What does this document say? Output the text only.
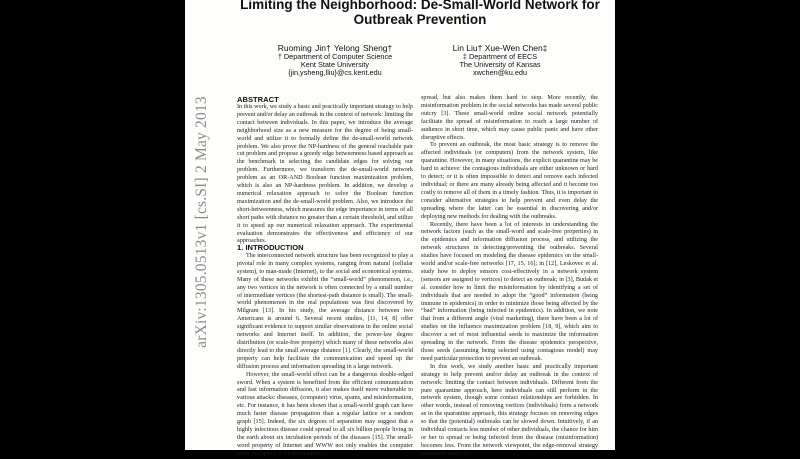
arXiv:1305.0513v1 [cs.SI] 2 May 2013
Limiting the Neighborhood: De-Small-World Network for
Outbreak Prevention
Ruoming Jin† Yelong Sheng†
† Department of Computer Science
Kent State University
{jin,ysheng,lliu}@cs.kent.edu
Lin Liu† Xue-Wen Chen‡
‡ Department of EECS
The University of Kansas
xwchen@ku.edu
ABSTRACT

In this work, we study a basic and practically important strategy to help prevent and/or delay an outbreak in the context of network: limiting the contact between individuals. In this paper, we introduce the average neighborhood size as a new measure for the degree of being small-world and utilize it to formally define the de-small-world network problem. We also prove the NP-hardness of the general reachable pair cut problem and propose a greedy edge betweenness based approach as the benchmark in selecting the candidate edges for solving our problem. Furthermore, we transform the de-small-world network problem as an OR-AND Boolean function maximization problem, which is also an NP-hardness problem. In addition, we develop a numerical relaxation approach to solve the Boolean function maximization and the de-small-world problem. Also, we introduce the short-betweenness, which measures the edge importance in terms of all short paths with distance no greater than a certain threshold, and utilize it to speed up our numerical relaxation approach. The experimental evaluation demonstrates the effectiveness and efficiency of our approaches.

1. INTRODUCTION

The interconnected network structure has been recognized to play a pivotal role in many complex systems, ranging from natural (cellular system), to man-made (Internet), to the social and economical systems. Many of these networks exhibit the “small-world” phenomenon, i.e., any two vertices in the network is often connected by a small number of intermediate vertices (the shortest-path distance is small). The small-world phenomenon in the real populations was first discovered by Milgram [13]. In his study, the average distance between two Americans is around 6. Several recent studies, [11, 14, 8] offer significant evidence to support similar observations in the online social networks and Internet itself. In addition, the power-law degree distribution (or scale-free property) which many of these networks also directly lead to the small average distance [1]. Clearly, the small-world property can help facilitate the communication and speed up the diffusion process and information spreading in a large network.

However, the small-world effect can be a dangerous double-edged sword. When a system is benefited from the efficient communication and fast information diffusion, it also makes itself more vulnerable to various attacks: diseases, (computer) virus, spams, and misinformation, etc. For instance, it has been shown that a small-world graph can have much faster disease propagation than a regular lattice or a random graph [15]. Indeed, the six degrees of separation may suggest that a highly infectious disease could spread to all six billion people living in the earth about six incubation periods of the diseases [15]. The small-word property of Internet and WWW not only enables the computer virus and spams to be much easier to

spread, but also makes them hard to stop. More recently, the misinformation problem in the social networks has made several public outcry [3]. These small-world online social network potentially facilitate the spread of misinformation to reach a large number of audience in short time, which may cause public panic and have other disruptive effects.

To prevent an outbreak, the most basic strategy is to remove the affected individuals (or computers) from the network system, like quarantine. However, in many situations, the explicit quarantine may be hard to achieve: the contagious individuals are either unknown or hard to detect; or it is often impossible to detect and remove each infected individual; or there are many already being affected and it become too costly to remove all of them in a timely fashion. Thus, it is important to consider alternative strategies to help prevent and even delay the spreading where the latter can be essential in discovering and/or deploying new methods for dealing with the outbreaks.

Recently, there have been a lot of interests in understanding the network factors (such as the small-word and scale-free properties) in the epidemics and information diffusion process, and utilizing the network structures in detecting/preventing the outbreaks. Several studies have focused on modeling the disease epidemics on the small-world and/or scale-free networks [17, 15, 16]; in [12], Leskovec et al. study how to deploy sensors cost-effectively in a network system (sensors are assigned to vertices) to detect an outbreak; in [3], Budak et al. consider how to limit the misinformation by identifying a set of individuals that are needed to adopt the “good” information (being immune in epidemics) in order to minimize those being affected by the “bad” information (being infected in epidemics). In addition, we note that from a different angle (viral marketing), there have been a lot of studies on the influence maximization problem [18, 9], which aim to discover a set of most influential seeds to maximize the information spreading in the network. From the disease epidemics perspective, those seeds (assuming being selected using contagious model) may need particular protection to prevent an outbreak.

In this work, we study another basic and practically important strategy to help prevent and/or delay an outbreak in the context of network: limiting the contact between individuals. Different from the pure quarantine approach, here individuals can still perform in the network system, though some contact relationships are forbidden. In other words, instead of removing vertices (individuals) form a network as in the quarantine approach, this strategy focuses on removing edges so that the (potential) outbreaks can be slowed down. Intuitively, if an individual contacts less number of other individuals, the chance for him or her to spread or being infected from the disease (misinformation) becomes less. From the network viewpoint, the edge-removal strategy essentially make the
